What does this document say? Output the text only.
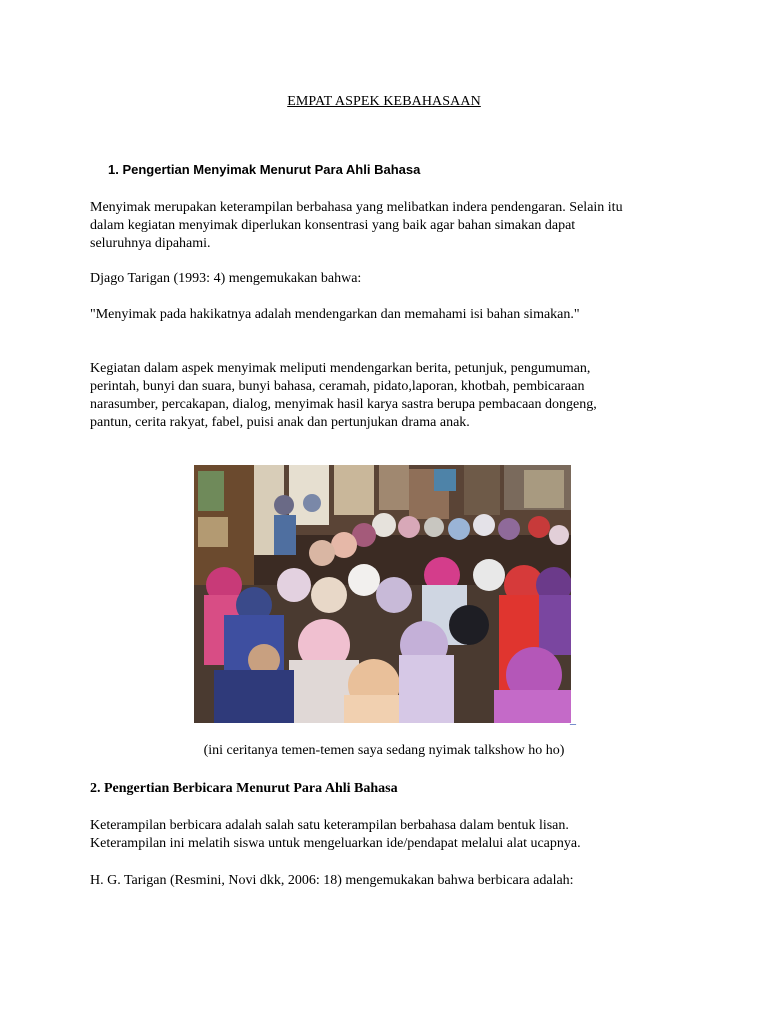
EMPAT ASPEK KEBAHASAAN
1. Pengertian Menyimak Menurut Para Ahli Bahasa

Menyimak merupakan keterampilan berbahasa yang melibatkan indera pendengaran. Selain itu
dalam kegiatan menyimak diperlukan konsentrasi yang baik agar bahan simakan dapat
seluruhnya dipahami.

Djago Tarigan (1993: 4) mengemukakan bahwa:

"Menyimak pada hakikatnya adalah mendengarkan dan memahami isi bahan simakan."

Kegiatan dalam aspek menyimak meliputi mendengarkan berita, petunjuk, pengumuman,
perintah, bunyi dan suara, bunyi bahasa, ceramah, pidato,laporan, khotbah, pembicaraan
narasumber, percakapan, dialog, menyimak hasil karya sastra berupa pembacaan dongeng,
pantun, cerita rakyat, fabel, puisi anak dan pertunjukan drama anak.

_
(ini ceritanya temen-temen saya sedang nyimak talkshow ho ho)
2. Pengertian Berbicara Menurut Para Ahli Bahasa

Keterampilan berbicara adalah salah satu keterampilan berbahasa dalam bentuk lisan.
Keterampilan ini melatih siswa untuk mengeluarkan ide/pendapat melalui alat ucapnya.

H. G. Tarigan (Resmini, Novi dkk, 2006: 18) mengemukakan bahwa berbicara adalah:
